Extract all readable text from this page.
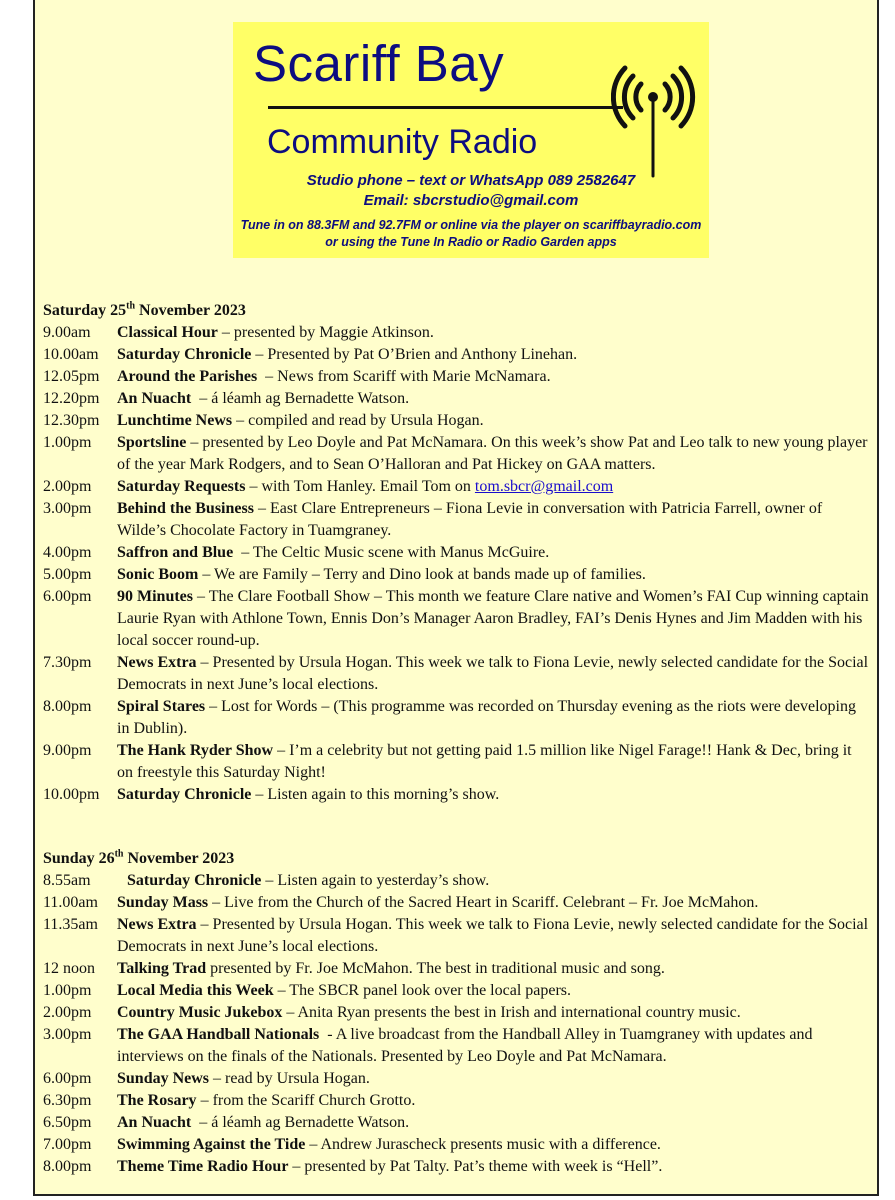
Scariff Bay
Community Radio
Studio phone – text or WhatsApp 089 2582647
Email: sbcrstudio@gmail.com
Tune in on 88.3FM and 92.7FM or online via the player on scariffbayradio.com
or using the Tune In Radio or Radio Garden apps
Saturday 25th November 2023
9.00am	Classical Hour – presented by Maggie Atkinson.
10.00am	Saturday Chronicle – Presented by Pat O’Brien and Anthony Linehan.
12.05pm	Around the Parishes  – News from Scariff with Marie McNamara.
12.20pm	An Nuacht  – á léamh ag Bernadette Watson.
12.30pm	Lunchtime News – compiled and read by Ursula Hogan.
1.00pm	Sportsline – presented by Leo Doyle and Pat McNamara. On this week’s show Pat and Leo talk to new young player of the year Mark Rodgers, and to Sean O’Halloran and Pat Hickey on GAA matters.
2.00pm	Saturday Requests – with Tom Hanley. Email Tom on tom.sbcr@gmail.com
3.00pm	Behind the Business – East Clare Entrepreneurs – Fiona Levie in conversation with Patricia Farrell, owner of Wilde’s Chocolate Factory in Tuamgraney.
4.00pm	Saffron and Blue  – The Celtic Music scene with Manus McGuire.
5.00pm	Sonic Boom – We are Family – Terry and Dino look at bands made up of families.
6.00pm	90 Minutes – The Clare Football Show – This month we feature Clare native and Women’s FAI Cup winning captain Laurie Ryan with Athlone Town, Ennis Don’s Manager Aaron Bradley, FAI’s Denis Hynes and Jim Madden with his local soccer round-up.
7.30pm	News Extra – Presented by Ursula Hogan. This week we talk to Fiona Levie, newly selected candidate for the Social Democrats in next June’s local elections.
8.00pm	Spiral Stares – Lost for Words – (This programme was recorded on Thursday evening as the riots were developing in Dublin).
9.00pm	The Hank Ryder Show – I’m a celebrity but not getting paid 1.5 million like Nigel Farage!! Hank & Dec, bring it on freestyle this Saturday Night!
10.00pm	Saturday Chronicle – Listen again to this morning’s show.
Sunday 26th November 2023
8.55am	Saturday Chronicle – Listen again to yesterday’s show.
11.00am	Sunday Mass – Live from the Church of the Sacred Heart in Scariff. Celebrant – Fr. Joe McMahon.
11.35am	News Extra – Presented by Ursula Hogan. This week we talk to Fiona Levie, newly selected candidate for the Social Democrats in next June’s local elections.
12 noon	Talking Trad presented by Fr. Joe McMahon. The best in traditional music and song.
1.00pm	Local Media this Week – The SBCR panel look over the local papers.
2.00pm	Country Music Jukebox – Anita Ryan presents the best in Irish and international country music.
3.00pm	The GAA Handball Nationals  - A live broadcast from the Handball Alley in Tuamgraney with updates and interviews on the finals of the Nationals. Presented by Leo Doyle and Pat McNamara.
6.00pm	Sunday News – read by Ursula Hogan.
6.30pm	The Rosary – from the Scariff Church Grotto.
6.50pm	An Nuacht  – á léamh ag Bernadette Watson.
7.00pm	Swimming Against the Tide – Andrew Jurascheck presents music with a difference.
8.00pm	Theme Time Radio Hour – presented by Pat Talty. Pat’s theme with week is “Hell”.
